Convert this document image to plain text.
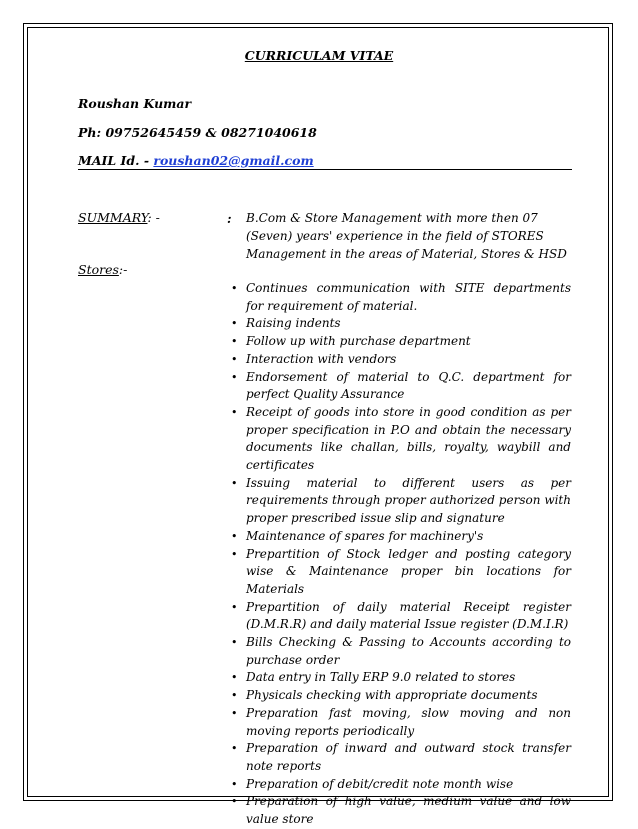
CURRICULAM VITAE
Roushan Kumar
Ph: 09752645459 & 08271040618
MAIL Id. - roushan02@gmail.com
SUMMARY: -	: B.Com & Store Management with more then 07 (Seven) years' experience in the field of STORES Management in the areas of Material, Stores & HSD
Stores:-
• Continues communication with SITE departments for requirement of material.
• Raising indents
• Follow up with purchase department
• Interaction with vendors
• Endorsement of material to Q.C. department for perfect Quality Assurance
• Receipt of goods into store in good condition as per proper specification in P.O and obtain the necessary documents like challan, bills, royalty, waybill and certificates
• Issuing material to different users as per requirements through proper authorized person with proper prescribed issue slip and signature
• Maintenance of spares for machinery's
• Prepartition of Stock ledger and posting category wise & Maintenance proper bin locations for Materials
• Prepartition of daily material Receipt register (D.M.R.R) and daily material Issue register (D.M.I.R)
• Bills Checking & Passing to Accounts according to purchase order
• Data entry in Tally ERP 9.0 related to stores
• Physicals checking with appropriate documents
• Preparation fast moving, slow moving and non moving reports periodically
• Preparation of inward and outward stock transfer note reports
• Preparation of debit/credit note month wise
• Preparation of high value, medium value and low value store
